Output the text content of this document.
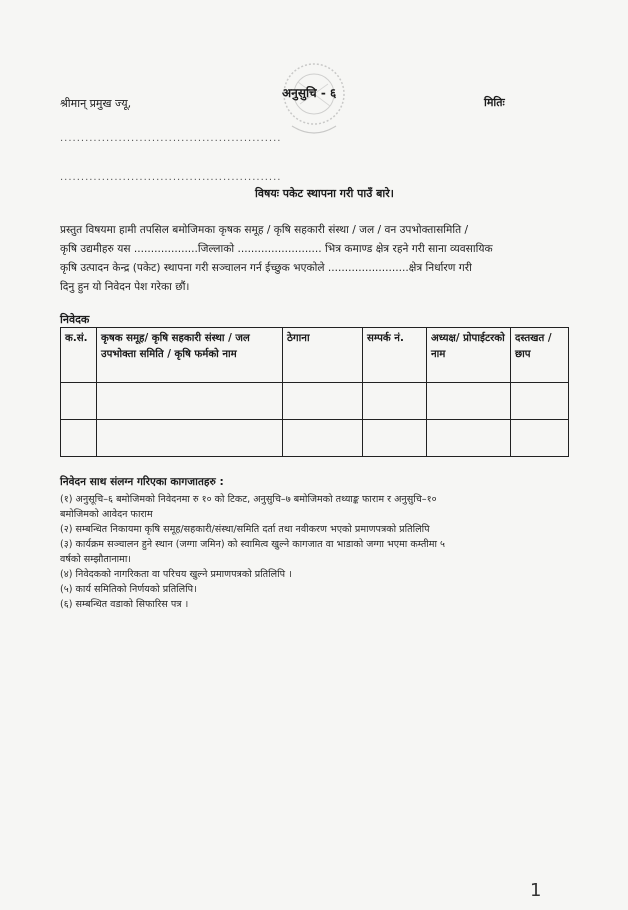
अनुसुचि - ६
श्रीमान् प्रमुख ज्यू,	मितिः
.....................................................
.....................................................
विषयः पकेट स्थापना गरी पाउँ बारे।
प्रस्तुत विषयमा हामी तपसिल बमोजिमका कृषक समूह / कृषि सहकारी संस्था / जल / वन उपभोक्तासमिति /
कृषि उद्यमीहरु यस ...................जिल्लाको ......................... भित्र कमाण्ड क्षेत्र रहने गरी साना व्यवसायिक
कृषि उत्पादन केन्द्र (पकेट) स्थापना गरी सञ्चालन गर्न ईच्छुक भएकोले ........................क्षेत्र निर्धारण गरी
दिनु हुन यो निवेदन पेश गरेका छौं।
निवेदक
क.सं.	कृषक समूह/ कृषि सहकारी संस्था / जल उपभोक्ता समिति / कृषि फर्मको नाम	ठेगाना	सम्पर्क नं.	अध्यक्ष/ प्रोपाईटरको नाम	दस्तखत / छाप

निवेदन साथ संलग्न गरिएका कागजातहरु :
(१) अनुसूचि–६ बमोजिमको निवेदनमा रु १० को टिकट, अनुसुचि–७ बमोजिमको तथ्याङ्क फाराम र अनुसुचि–१०
बमोजिमको आवेदन फाराम
(२) सम्बन्धित निकायमा कृषि समूह/सहकारी/संस्था/समिति दर्ता तथा नवीकरण भएको प्रमाणपत्रको प्रतिलिपि
(३) कार्यक्रम सञ्चालन हुने स्थान (जग्गा जमिन) को स्वामित्व खुल्ने कागजात वा भाडाको जग्गा भएमा कम्तीमा ५
वर्षको सम्झौतानामा।
(४) निवेदकको नागरिकता वा परिचय खुल्ने प्रमाणपत्रको प्रतिलिपि ।
(५) कार्य समितिको निर्णयको प्रतिलिपि।
(६) सम्बन्धित वडाको सिफारिस पत्र ।
1
